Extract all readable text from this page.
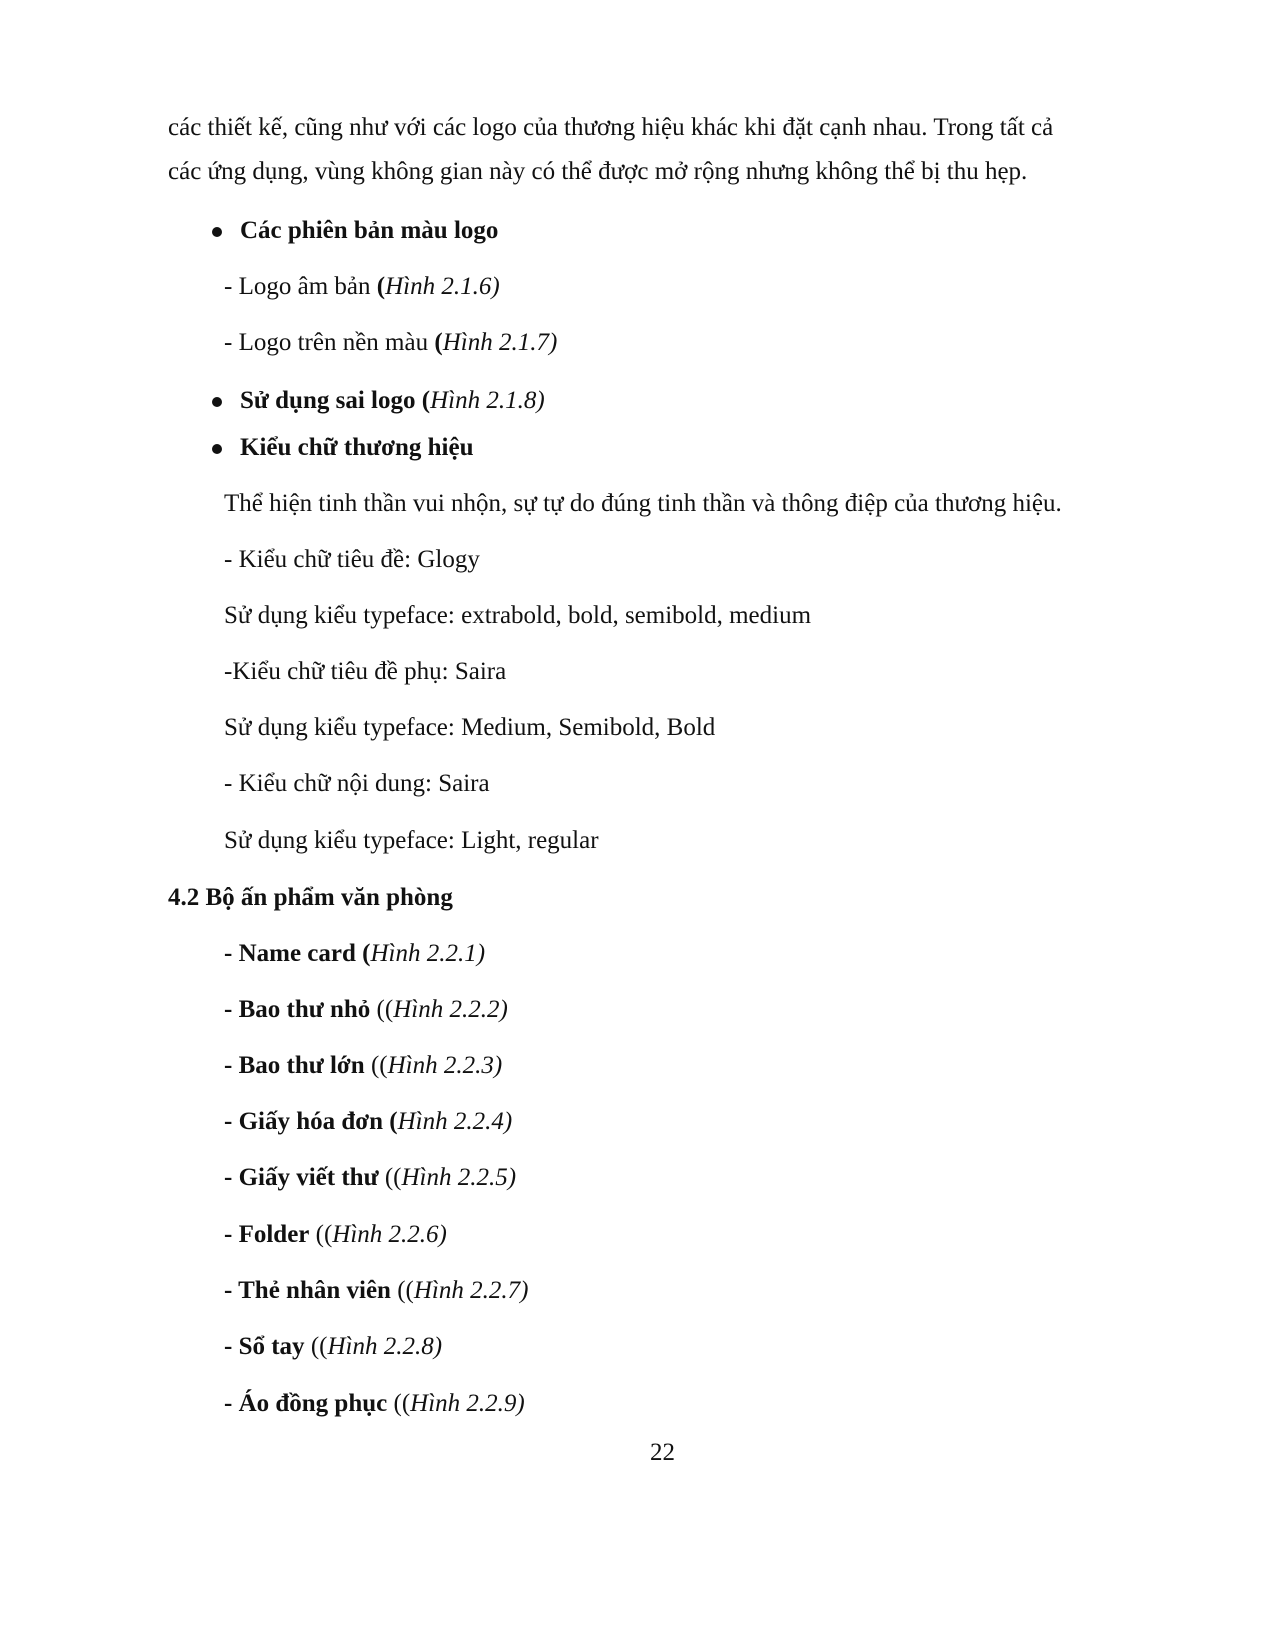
các thiết kế, cũng như với các logo của thương hiệu khác khi đặt cạnh nhau. Trong tất cả
các ứng dụng, vùng không gian này có thể được mở rộng nhưng không thể bị thu hẹp.
Các phiên bản màu logo
- Logo âm bản (Hình 2.1.6)
- Logo trên nền màu (Hình 2.1.7)
Sử dụng sai logo (Hình 2.1.8)
Kiểu chữ thương hiệu
Thể hiện tinh thần vui nhộn, sự tự do đúng tinh thần và thông điệp của thương hiệu.
- Kiểu chữ tiêu đề: Glogy
Sử dụng kiểu typeface: extrabold, bold, semibold, medium
-Kiểu chữ tiêu đề phụ: Saira
Sử dụng kiểu typeface: Medium, Semibold, Bold
- Kiểu chữ nội dung: Saira
Sử dụng kiểu typeface: Light, regular
4.2 Bộ ấn phẩm văn phòng
- Name card (Hình 2.2.1)
- Bao thư nhỏ ((Hình 2.2.2)
- Bao thư lớn ((Hình 2.2.3)
- Giấy hóa đơn (Hình 2.2.4)
- Giấy viết thư ((Hình 2.2.5)
- Folder ((Hình 2.2.6)
- Thẻ nhân viên ((Hình 2.2.7)
- Sổ tay ((Hình 2.2.8)
- Áo đồng phục ((Hình 2.2.9)
22
